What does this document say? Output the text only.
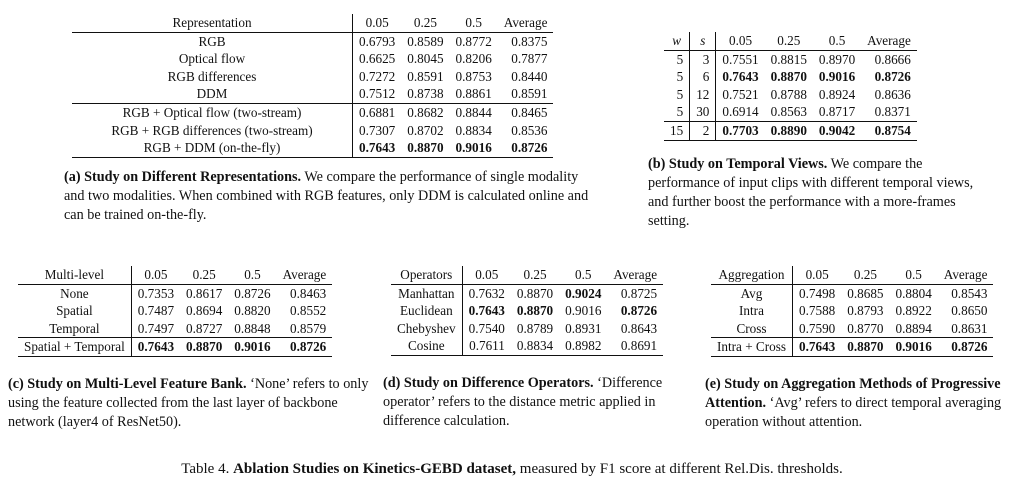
Representation	0.05	0.25	0.5	Average
RGB	0.6793	0.8589	0.8772	0.8375
Optical flow	0.6625	0.8045	0.8206	0.7877
RGB differences	0.7272	0.8591	0.8753	0.8440
DDM	0.7512	0.8738	0.8861	0.8591
RGB + Optical flow (two-stream)	0.6881	0.8682	0.8844	0.8465
RGB + RGB differences (two-stream)	0.7307	0.8702	0.8834	0.8536
RGB + DDM (on-the-fly)	0.7643	0.8870	0.9016	0.8726
(a) Study on Different Representations. We compare the performance of single modality and two modalities. When combined with RGB features, only DDM is calculated online and can be trained on-the-fly.
w	s	0.05	0.25	0.5	Average
5	3	0.7551	0.8815	0.8970	0.8666
5	6	0.7643	0.8870	0.9016	0.8726
5	12	0.7521	0.8788	0.8924	0.8636
5	30	0.6914	0.8563	0.8717	0.8371
15	2	0.7703	0.8890	0.9042	0.8754
(b) Study on Temporal Views. We compare the performance of input clips with different temporal views, and further boost the performance with a more-frames setting.
Multi-level	0.05	0.25	0.5	Average
None	0.7353	0.8617	0.8726	0.8463
Spatial	0.7487	0.8694	0.8820	0.8552
Temporal	0.7497	0.8727	0.8848	0.8579
Spatial + Temporal	0.7643	0.8870	0.9016	0.8726
(c) Study on Multi-Level Feature Bank. ‘None’ refers to only using the feature collected from the last layer of backbone network (layer4 of ResNet50).
Operators	0.05	0.25	0.5	Average
Manhattan	0.7632	0.8870	0.9024	0.8725
Euclidean	0.7643	0.8870	0.9016	0.8726
Chebyshev	0.7540	0.8789	0.8931	0.8643
Cosine	0.7611	0.8834	0.8982	0.8691
(d) Study on Difference Operators. ‘Difference operator’ refers to the distance metric applied in difference calculation.
Aggregation	0.05	0.25	0.5	Average
Avg	0.7498	0.8685	0.8804	0.8543
Intra	0.7588	0.8793	0.8922	0.8650
Cross	0.7590	0.8770	0.8894	0.8631
Intra + Cross	0.7643	0.8870	0.9016	0.8726
(e) Study on Aggregation Methods of Progressive Attention. ‘Avg’ refers to direct temporal averaging operation without attention.
Table 4. Ablation Studies on Kinetics-GEBD dataset, measured by F1 score at different Rel.Dis. thresholds.
